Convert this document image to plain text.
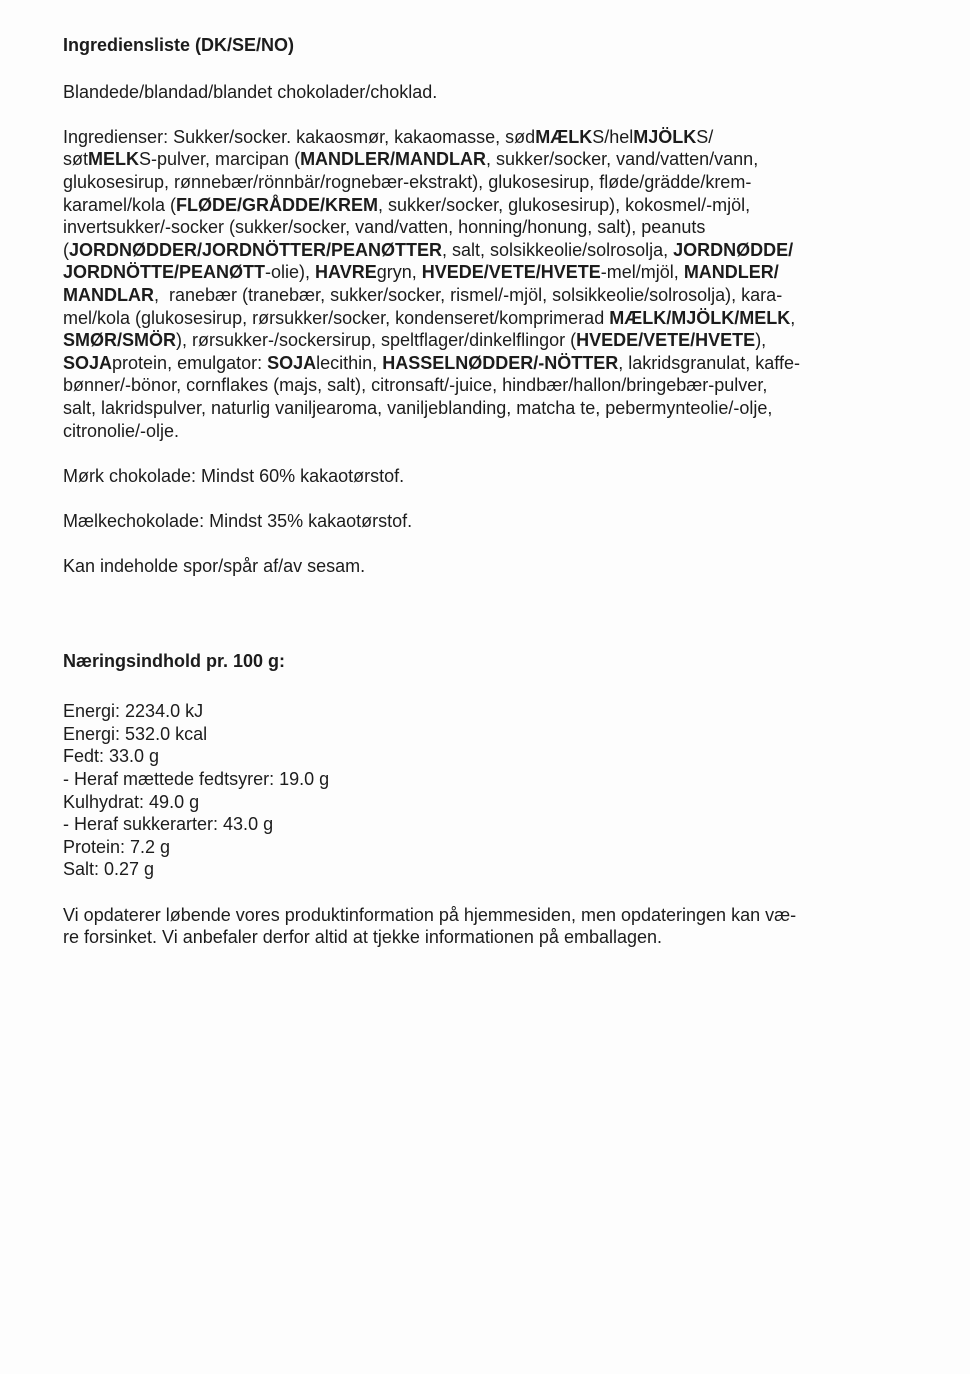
Ingrediensliste (DK/SE/NO)

Blandede/blandad/blandet chokolader/choklad.

Ingredienser: Sukker/socker. kakaosmør, kakaomasse, sødMÆLKS/helMJÖLKS/
søtMELKS-pulver, marcipan (MANDLER/MANDLAR, sukker/socker, vand/vatten/vann,
glukosesirup, rønnebær/rönnbär/rognebær-ekstrakt), glukosesirup, fløde/grädde/krem-
karamel/kola (FLØDE/GRÅDDE/KREM, sukker/socker, glukosesirup), kokosmel/-mjöl,
invertsukker/-socker (sukker/socker, vand/vatten, honning/honung, salt), peanuts
(JORDNØDDER/JORDNÖTTER/PEANØTTER, salt, solsikkeolie/solrosolja, JORDNØDDE/
JORDNÖTTE/PEANØTT-olie), HAVREgryn, HVEDE/VETE/HVETE-mel/mjöl, MANDLER/
MANDLAR,  ranebær (tranebær, sukker/socker, rismel/-mjöl, solsikkeolie/solrosolja), kara-
mel/kola (glukosesirup, rørsukker/socker, kondenseret/komprimerad MÆLK/MJÖLK/MELK,
SMØR/SMÖR), rørsukker-/sockersirup, speltflager/dinkelflingor (HVEDE/VETE/HVETE),
SOJAprotein, emulgator: SOJAlecithin, HASSELNØDDER/-NÖTTER, lakridsgranulat, kaffe-
bønner/-bönor, cornflakes (majs, salt), citronsaft/-juice, hindbær/hallon/bringebær-pulver,
salt, lakridspulver, naturlig vaniljearoma, vaniljeblanding, matcha te, pebermynteolie/-olje,
citronolie/-olje.

Mørk chokolade: Mindst 60% kakaotørstof.

Mælkechokolade: Mindst 35% kakaotørstof.

Kan indeholde spor/spår af/av sesam.

Næringsindhold pr. 100 g:
Energi: 2234.0 kJ
Energi: 532.0 kcal
Fedt: 33.0 g
- Heraf mættede fedtsyrer: 19.0 g
Kulhydrat: 49.0 g
- Heraf sukkerarter: 43.0 g
Protein: 7.2 g
Salt: 0.27 g
Vi opdaterer løbende vores produktinformation på hjemmesiden, men opdateringen kan væ-
re forsinket. Vi anbefaler derfor altid at tjekke informationen på emballagen.
